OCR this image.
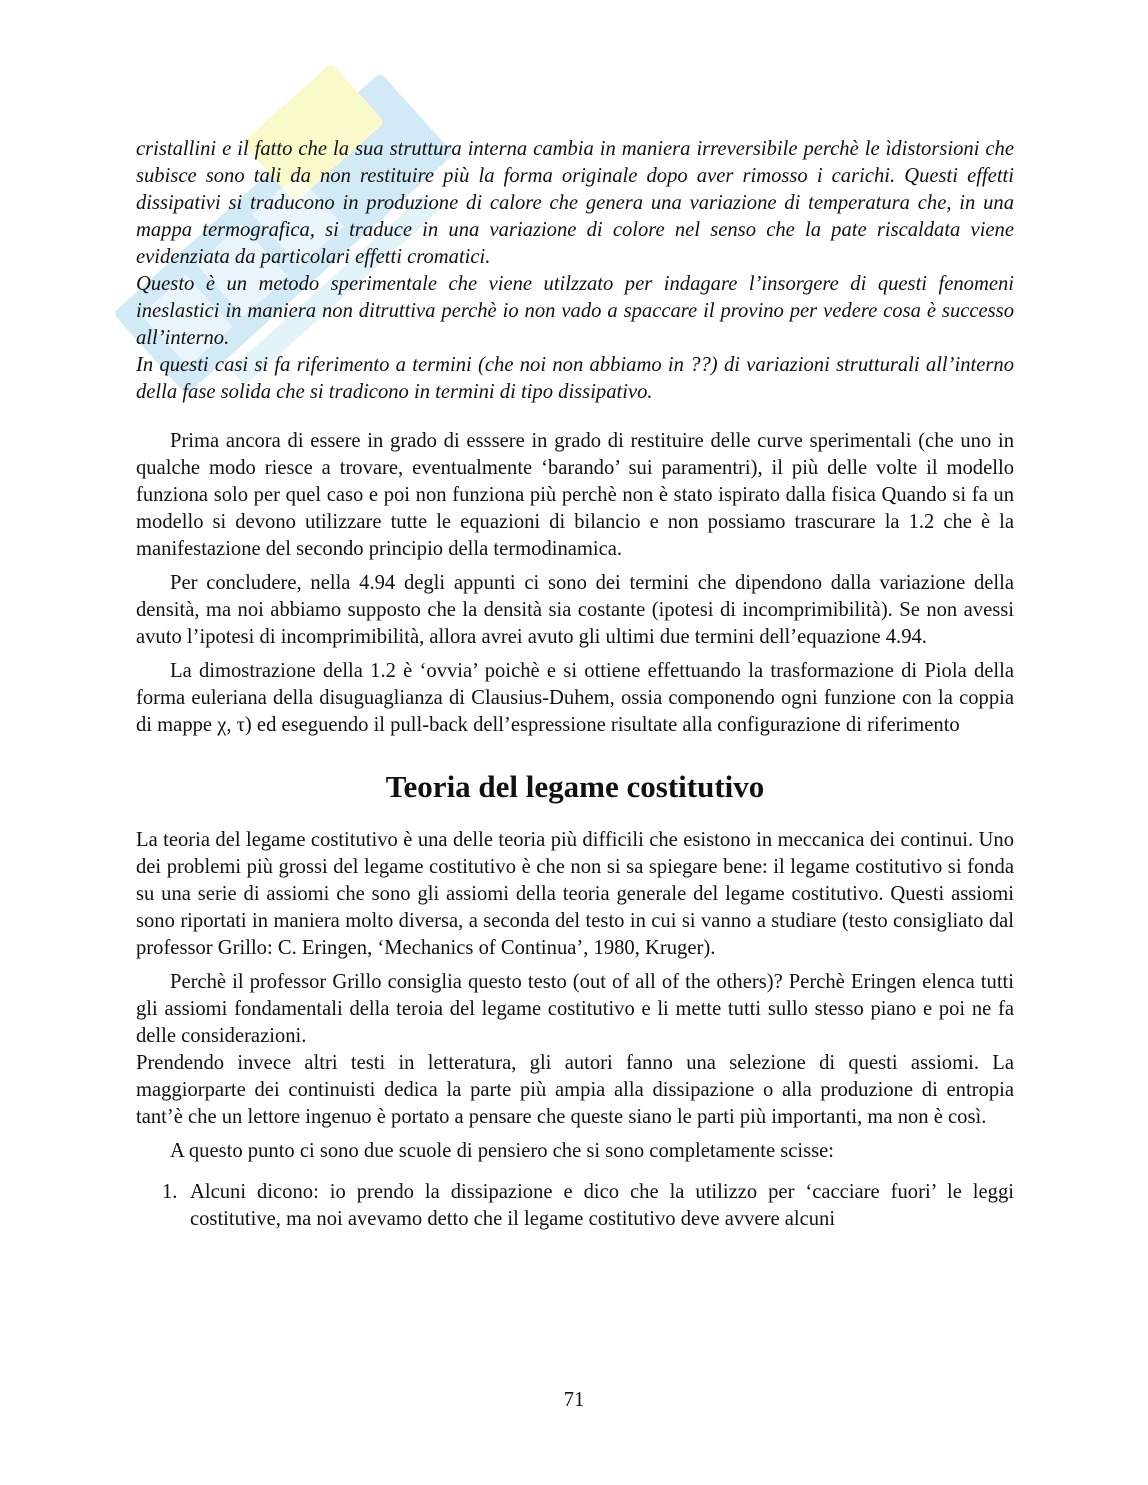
cristallini e il fatto che la sua struttura interna cambia in maniera irreversibile perchè le ìdistorsioni che subisce sono tali da non restituire più la forma originale dopo aver rimosso i carichi. Questi effetti dissipativi si traducono in produzione di calore che genera una variazione di temperatura che, in una mappa termografica, si traduce in una variazione di colore nel senso che la pate riscaldata viene evidenziata da particolari effetti cromatici.

Questo è un metodo sperimentale che viene utilzzato per indagare l’insorgere di questi fenomeni ineslastici in maniera non ditruttiva perchè io non vado a spaccare il provino per vedere cosa è successo all’interno.

In questi casi si fa riferimento a termini (che noi non abbiamo in ??) di variazioni strutturali all’interno della fase solida che si tradicono in termini di tipo dissipativo.

Prima ancora di essere in grado di esssere in grado di restituire delle curve sperimentali (che uno in qualche modo riesce a trovare, eventualmente ‘barando’ sui paramentri), il più delle volte il modello funziona solo per quel caso e poi non funziona più perchè non è stato ispirato dalla fisica Quando si fa un modello si devono utilizzare tutte le equazioni di bilancio e non possiamo trascurare la 1.2 che è la manifestazione del secondo principio della termodinamica.

Per concludere, nella 4.94 degli appunti ci sono dei termini che dipendono dalla variazione della densità, ma noi abbiamo supposto che la densità sia costante (ipotesi di incomprimibilità). Se non avessi avuto l’ipotesi di incomprimibilità, allora avrei avuto gli ultimi due termini dell’equazione 4.94.

La dimostrazione della 1.2 è ‘ovvia’ poichè e si ottiene effettuando la trasformazione di Piola della forma euleriana della disuguaglianza di Clausius-Duhem, ossia componendo ogni funzione con la coppia di mappe χ, τ) ed eseguendo il pull-back dell’espressione risultate alla configurazione di riferimento

Teoria del legame costitutivo

La teoria del legame costitutivo è una delle teoria più difficili che esistono in meccanica dei continui. Uno dei problemi più grossi del legame costitutivo è che non si sa spiegare bene: il legame costitutivo si fonda su una serie di assiomi che sono gli assiomi della teoria generale del legame costitutivo. Questi assiomi sono riportati in maniera molto diversa, a seconda del testo in cui si vanno a studiare (testo consigliato dal professor Grillo: C. Eringen, ‘Mechanics of Continua’, 1980, Kruger).

Perchè il professor Grillo consiglia questo testo (out of all of the others)? Perchè Eringen elenca tutti gli assiomi fondamentali della teroia del legame costitutivo e li mette tutti sullo stesso piano e poi ne fa delle considerazioni.

Prendendo invece altri testi in letteratura, gli autori fanno una selezione di questi assiomi. La maggiorparte dei continuisti dedica la parte più ampia alla dissipazione o alla produzione di entropia tant’è che un lettore ingenuo è portato a pensare che queste siano le parti più importanti, ma non è così.

A questo punto ci sono due scuole di pensiero che si sono completamente scisse:

1. Alcuni dicono: io prendo la dissipazione e dico che la utilizzo per ‘cacciare fuori’ le leggi costitutive, ma noi avevamo detto che il legame costitutivo deve avvere alcuni
71
